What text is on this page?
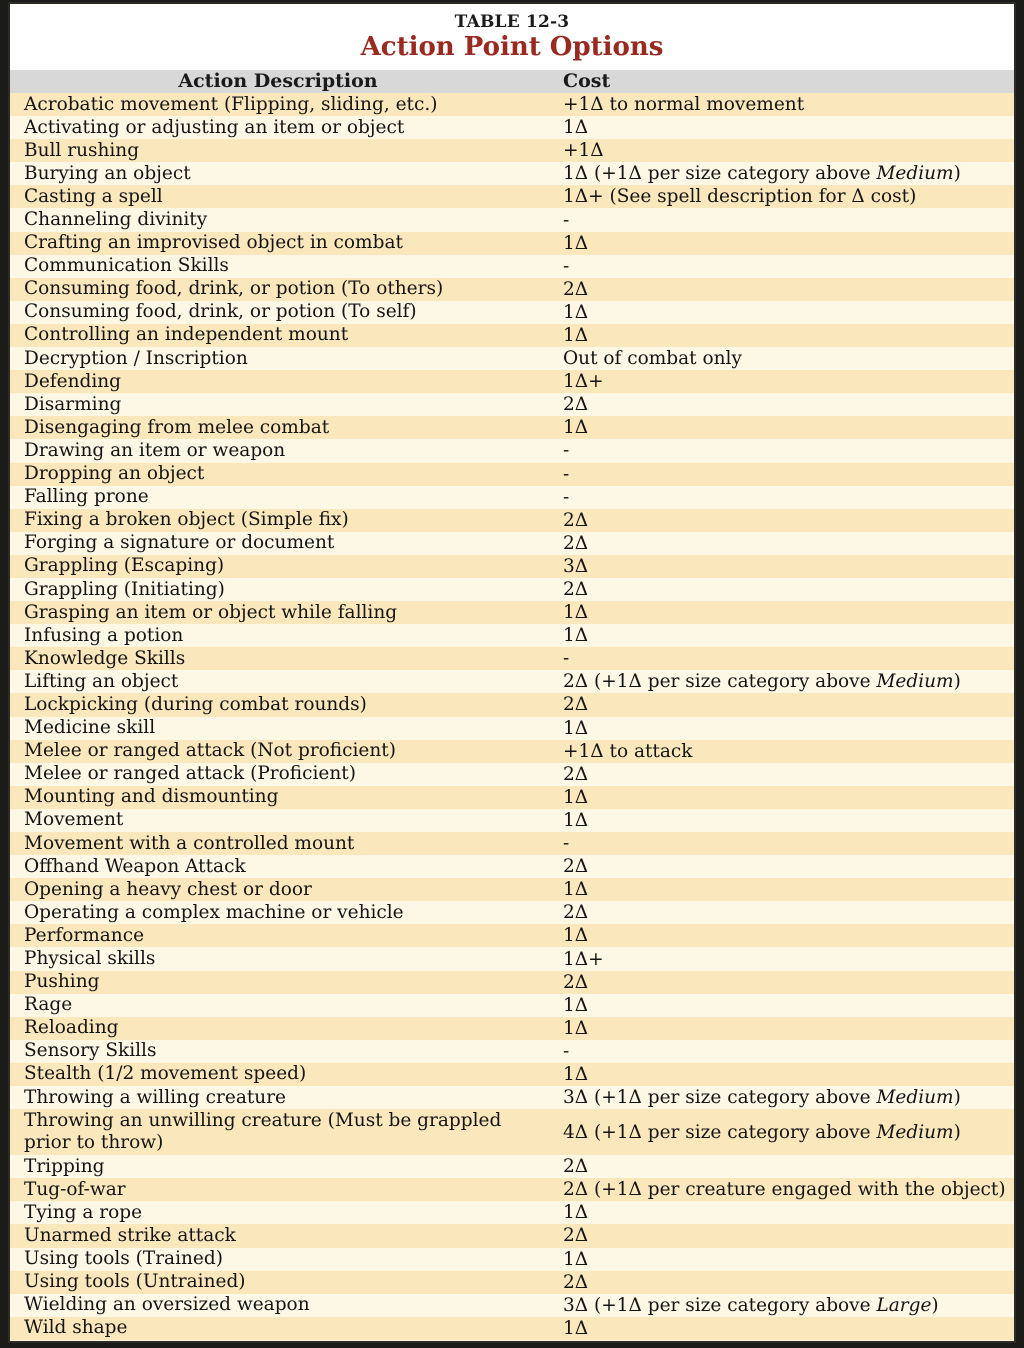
TABLE 12-3
Action Point Options
Action Description	Cost
Acrobatic movement (Flipping, sliding, etc.)	+1Δ to normal movement
Activating or adjusting an item or object	1Δ
Bull rushing	+1Δ
Burying an object	1Δ (+1Δ per size category above Medium)
Casting a spell	1Δ+ (See spell description for Δ cost)
Channeling divinity	-
Crafting an improvised object in combat	1Δ
Communication Skills	-
Consuming food, drink, or potion (To others)	2Δ
Consuming food, drink, or potion (To self)	1Δ
Controlling an independent mount	1Δ
Decryption / Inscription	Out of combat only
Defending	1Δ+
Disarming	2Δ
Disengaging from melee combat	1Δ
Drawing an item or weapon	-
Dropping an object	-
Falling prone	-
Fixing a broken object (Simple fix)	2Δ
Forging a signature or document	2Δ
Grappling (Escaping)	3Δ
Grappling (Initiating)	2Δ
Grasping an item or object while falling	1Δ
Infusing a potion	1Δ
Knowledge Skills	-
Lifting an object	2Δ (+1Δ per size category above Medium)
Lockpicking (during combat rounds)	2Δ
Medicine skill	1Δ
Melee or ranged attack (Not proficient)	+1Δ to attack
Melee or ranged attack (Proficient)	2Δ
Mounting and dismounting	1Δ
Movement	1Δ
Movement with a controlled mount	-
Offhand Weapon Attack	2Δ
Opening a heavy chest or door	1Δ
Operating a complex machine or vehicle	2Δ
Performance	1Δ
Physical skills	1Δ+
Pushing	2Δ
Rage	1Δ
Reloading	1Δ
Sensory Skills	-
Stealth (1/2 movement speed)	1Δ
Throwing a willing creature	3Δ (+1Δ per size category above Medium)
Throwing an unwilling creature (Must be grappled prior to throw)	4Δ (+1Δ per size category above Medium)
Tripping	2Δ
Tug-of-war	2Δ (+1Δ per creature engaged with the object)
Tying a rope	1Δ
Unarmed strike attack	2Δ
Using tools (Trained)	1Δ
Using tools (Untrained)	2Δ
Wielding an oversized weapon	3Δ (+1Δ per size category above Large)
Wild shape	1Δ
